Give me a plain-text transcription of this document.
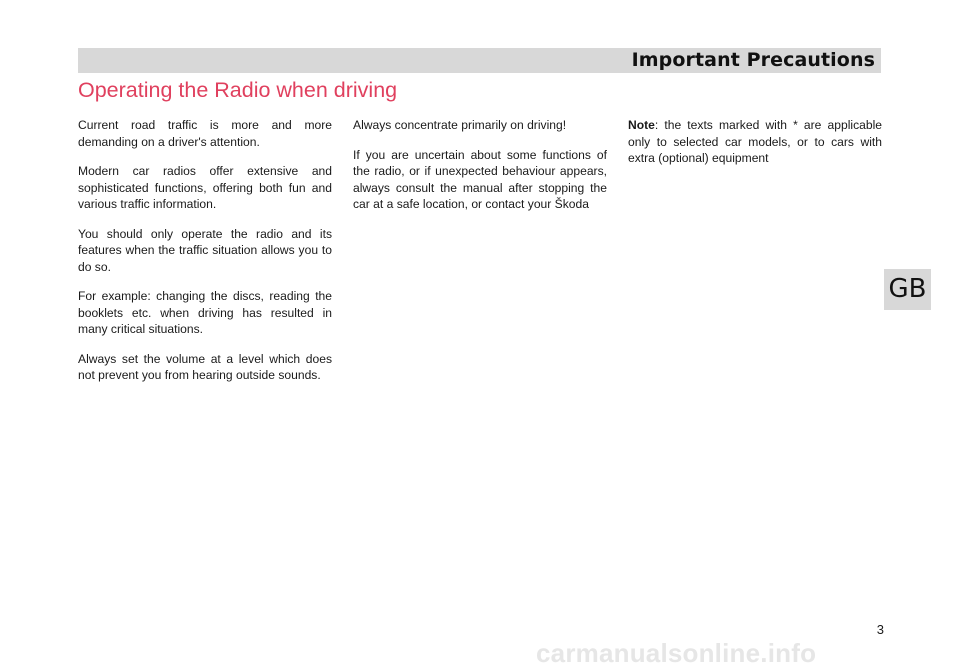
Important Precautions
Operating the Radio when driving

Current road traffic is more and more demanding on a driver's attention.

Modern car radios offer extensive and sophisticated functions, offering both fun and various traffic information.

You should only operate the radio and its features when the traffic situation allows you to do so.

For example: changing the discs, reading the booklets etc. when driving has resulted in many critical situations.

Always set the volume at a level which does not prevent you from hearing outside sounds.

Always concentrate primarily on driving!

If you are uncertain about some functions of the radio, or if unexpected behaviour appears, always consult the manual after stopping the car at a safe location, or contact your Škoda

Note: the texts marked with * are applicable only to selected car models, or to cars with extra (optional) equipment

GB
3
carmanualsonline.info
